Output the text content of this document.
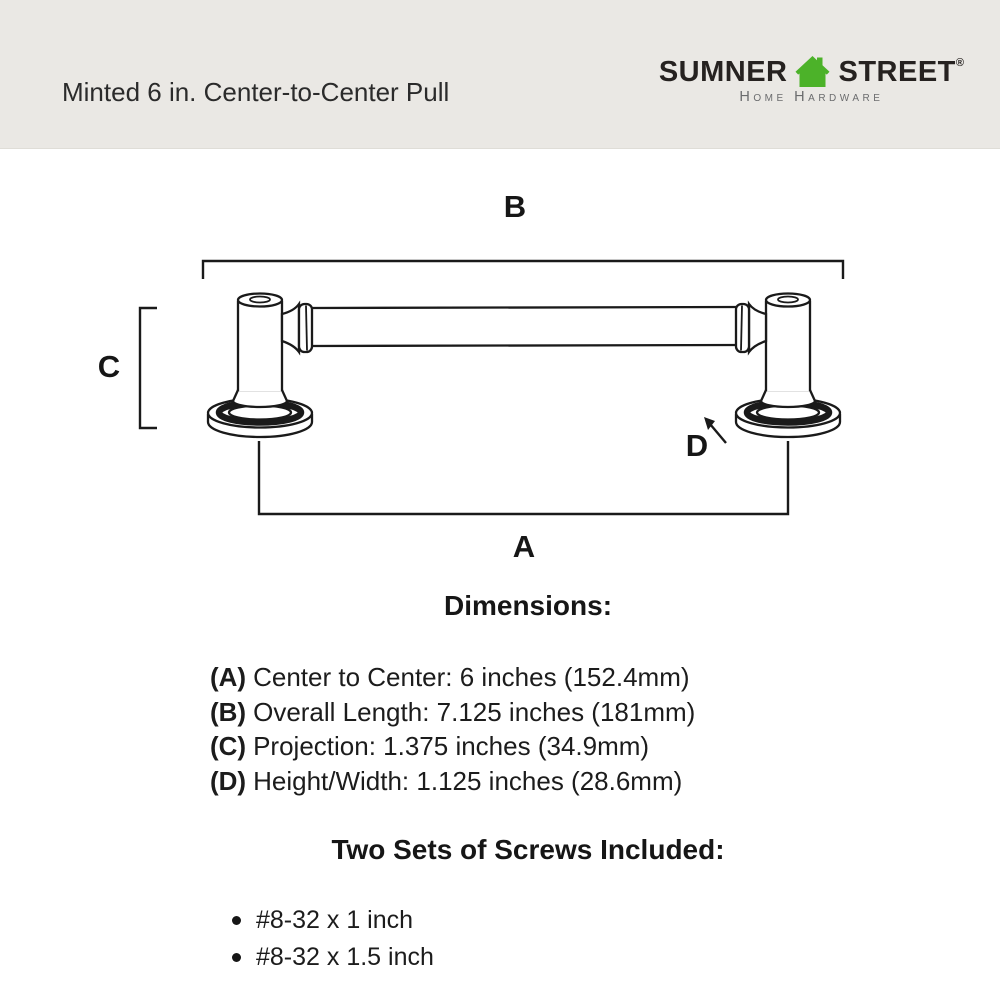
Minted 6 in. Center-to-Center Pull
SUMNER STREET ®
Home Hardware
B
C
A
D
Dimensions:
(A) Center to Center: 6 inches (152.4mm)
(B) Overall Length: 7.125 inches (181mm)
(C) Projection: 1.375 inches (34.9mm)
(D) Height/Width: 1.125 inches (28.6mm)
Two Sets of Screws Included:
#8-32 x 1 inch
#8-32 x 1.5 inch
